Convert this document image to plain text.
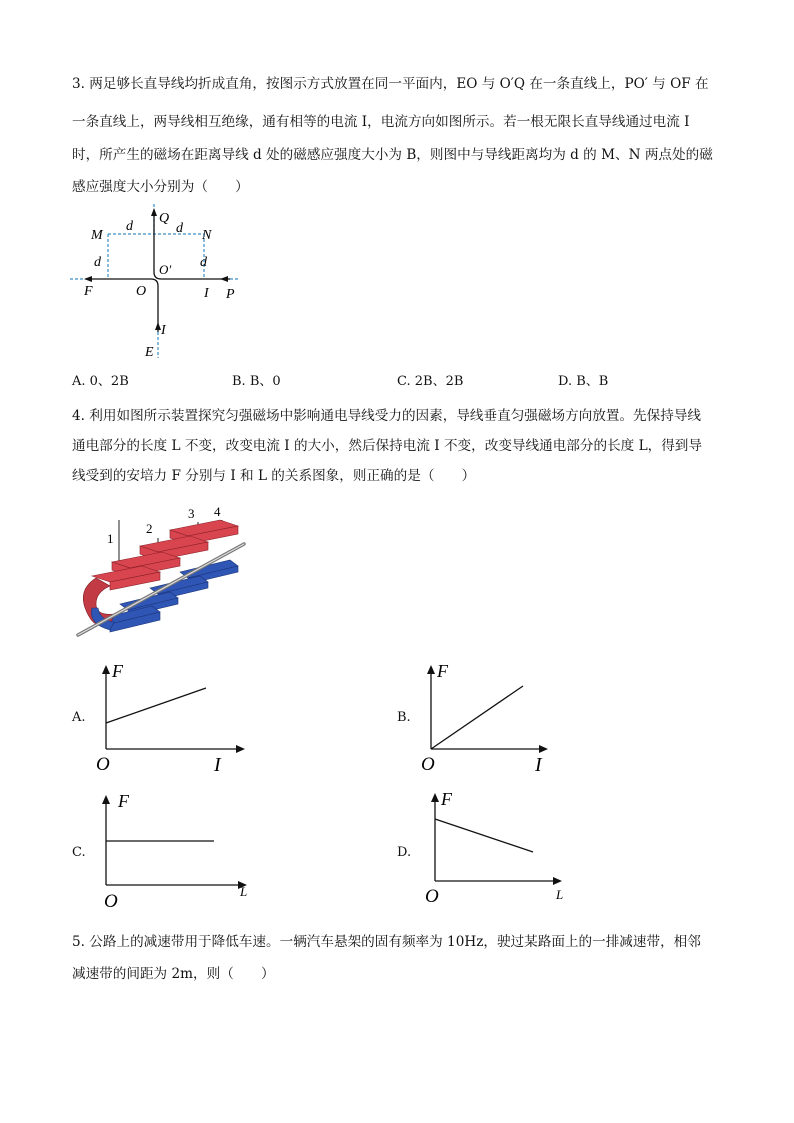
3. 两足够长直导线均折成直角，按图示方式放置在同一平面内，EO 与 O′Q 在一条直线上，PO′ 与 OF 在
一条直线上，两导线相互绝缘，通有相等的电流 I，电流方向如图所示。若一根无限长直导线通过电流 I
时，所产生的磁场在距离导线 d 处的磁感应强度大小为 B，则图中与导线距离均为 d 的 M、N 两点处的磁
感应强度大小分别为（　　）
M	N
Q
O′
O
F	P
E
I
I
d	d
d	d
A. 0、2B	B. B、0	C. 2B、2B	D. B、B
4. 利用如图所示装置探究匀强磁场中影响通电导线受力的因素，导线垂直匀强磁场方向放置。先保持导线
通电部分的长度 L 不变，改变电流 I 的大小，然后保持电流 I 不变，改变导线通电部分的长度 L，得到导
线受到的安培力 F 分别与 I 和 L 的关系图象，则正确的是（　　）
1
2
3 4
A.	B.
C.	D.
F
O	I
F
O	I
F
O	L
F
O	L
5. 公路上的减速带用于降低车速。一辆汽车悬架的固有频率为 10Hz，驶过某路面上的一排减速带，相邻
减速带的间距为 2m，则（　　）
